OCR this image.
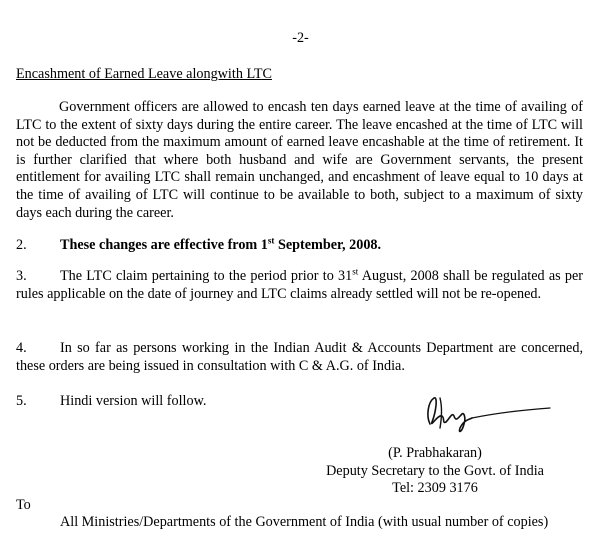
-2-
Encashment of Earned Leave alongwith LTC
Government officers are allowed to encash ten days earned leave at the time of availing of LTC to the extent of sixty days during the entire career. The leave encashed at the time of LTC will not be deducted from the maximum amount of earned leave encashable at the time of retirement. It is further clarified that where both husband and wife are Government servants, the present entitlement for availing LTC shall remain unchanged, and encashment of leave equal to 10 days at the time of availing of LTC will continue to be available to both, subject to a maximum of sixty days each during the career.
2. These changes are effective from 1st September, 2008.

3. The LTC claim pertaining to the period prior to 31st August, 2008 shall be regulated as per rules applicable on the date of journey and LTC claims already settled will not be re-opened.

4. In so far as persons working in the Indian Audit & Accounts Department are concerned, these orders are being issued in consultation with C & A.G. of India.

5. Hindi version will follow.
(P. Prabhakaran)
Deputy Secretary to the Govt. of India
Tel: 2309 3176
To
All Ministries/Departments of the Government of India (with usual number of copies)
